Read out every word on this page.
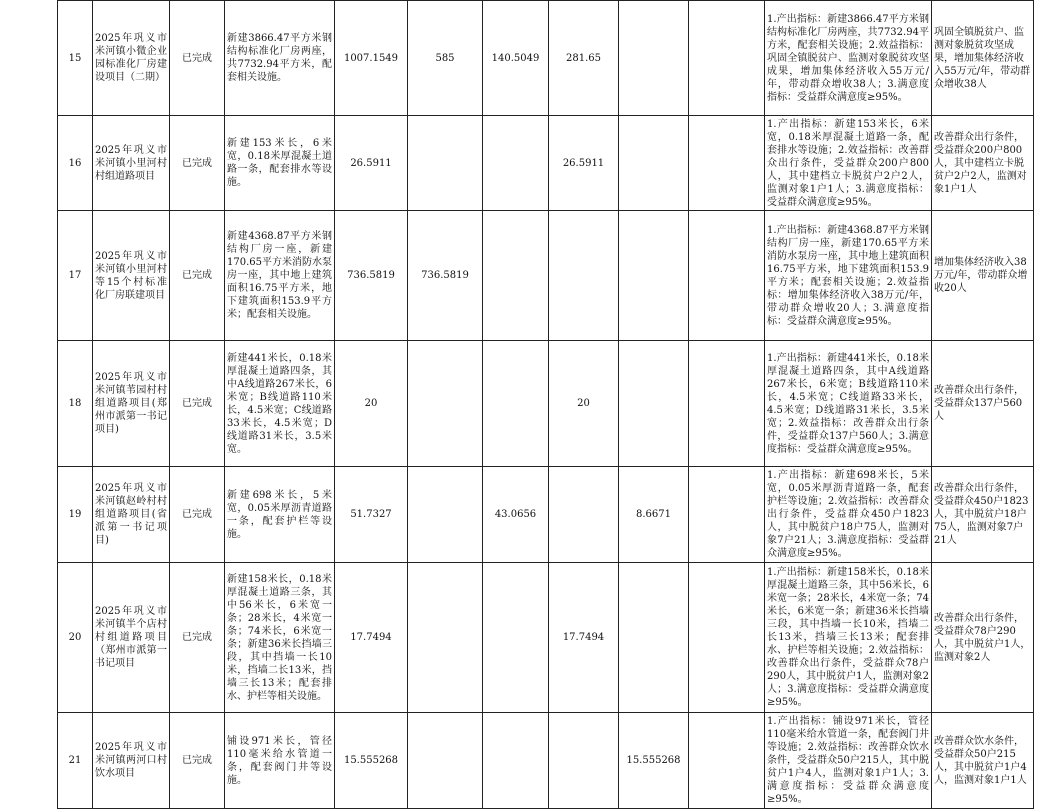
15	2025年巩义市米河镇小微企业园标准化厂房建设项目（二期）	已完成	新建3866.47平方米钢结构标准化厂房两座，共7732.94平方米，配套相关设施。	1007.1549	585	140.5049	281.65			1.产出指标：新建3866.47平方米钢结构标准化厂房两座，共7732.94平方米，配套相关设施；2.效益指标：巩固全镇脱贫户、监测对象脱贫攻坚成果，增加集体经济收入55万元/年，带动群众增收38人；3.满意度指标：受益群众满意度≥95%。	巩固全镇脱贫户、监测对象脱贫攻坚成果，增加集体经济收入55万元/年，带动群众增收38人
16	2025年巩义市米河镇小里河村村组道路项目	已完成	新建153米长，6米宽，0.18米厚混凝土道路一条，配套排水等设施。	26.5911			26.5911			1.产出指标：新建153米长，6米宽，0.18米厚混凝土道路一条，配套排水等设施；2.效益指标：改善群众出行条件，受益群众200户800人，其中建档立卡脱贫户2户2人，监测对象1户1人；3.满意度指标：受益群众满意度≥95%。	改善群众出行条件，受益群众200户800人，其中建档立卡脱贫户2户2人，监测对象1户1人
17	2025年巩义市米河镇小里河村等15个村标准化厂房联建项目	已完成	新建4368.87平方米钢结构厂房一座，新建170.65平方米消防水泵房一座，其中地上建筑面积16.75平方米，地下建筑面积153.9平方米；配套相关设施。	736.5819	736.5819					1.产出指标：新建4368.87平方米钢结构厂房一座，新建170.65平方米消防水泵房一座，其中地上建筑面积16.75平方米，地下建筑面积153.9平方米；配套相关设施；2.效益指标：增加集体经济收入38万元/年，带动群众增收20人；3.满意度指标：受益群众满意度≥95%。	增加集体经济收入38万元/年，带动群众增收20人
18	2025年巩义市米河镇苇园村村组道路项目(郑州市派第一书记项目)	已完成	新建441米长，0.18米厚混凝土道路四条，其中A线道路267米长，6米宽；B线道路110米长，4.5米宽；C线道路33米长，4.5米宽；D线道路31米长，3.5米宽。	20			20			1.产出指标：新建441米长，0.18米厚混凝土道路四条，其中A线道路267米长，6米宽；B线道路110米长，4.5米宽；C线道路33米长，4.5米宽；D线道路31米长，3.5米宽；2.效益指标：改善群众出行条件，受益群众137户560人；3.满意度指标：受益群众满意度≥95%。	改善群众出行条件，受益群众137户560人
19	2025年巩义市米河镇赵岭村村组道路项目(省派第一书记项目)	已完成	新建698米长，5米宽，0.05米厚沥青道路一条，配套护栏等设施。	51.7327		43.0656		8.6671		1.产出指标：新建698米长，5米宽，0.05米厚沥青道路一条，配套护栏等设施；2.效益指标：改善群众出行条件，受益群众450户1823人，其中脱贫户18户75人，监测对象7户21人；3.满意度指标：受益群众满意度≥95%。	改善群众出行条件，受益群众450户1823人，其中脱贫户18户75人，监测对象7户21人
20	2025年巩义市米河镇半个店村村组道路项目（郑州市派第一书记项目	已完成	新建158米长，0.18米厚混凝土道路三条，其中56米长，6米宽一条；28米长，4米宽一条；74米长，6米宽一条；新建36米长挡墙三段，其中挡墙一长10米，挡墙二长13米，挡墙三长13米；配套排水、护栏等相关设施。	17.7494			17.7494			1.产出指标：新建158米长，0.18米厚混凝土道路三条，其中56米长，6米宽一条；28米长，4米宽一条；74米长，6米宽一条；新建36米长挡墙三段，其中挡墙一长10米，挡墙二长13米，挡墙三长13米；配套排水、护栏等相关设施；2.效益指标：改善群众出行条件，受益群众78户290人，其中脱贫户1人，监测对象2人；3.满意度指标：受益群众满意度≥95%。	改善群众出行条件，受益群众78户290人，其中脱贫户1人，监测对象2人
21	2025年巩义市米河镇两河口村饮水项目	已完成	铺设971米长，管径110毫米给水管道一条，配套阀门井等设施。	15.555268				15.555268		1.产出指标：铺设971米长，管径110毫米给水管道一条，配套阀门井等设施；2.效益指标：改善群众饮水条件，受益群众50户215人，其中脱贫户1户4人，监测对象1户1人；3.满意度指标：受益群众满意度≥95%。	改善群众饮水条件，受益群众50户215人，其中脱贫户1户4人，监测对象1户1人
